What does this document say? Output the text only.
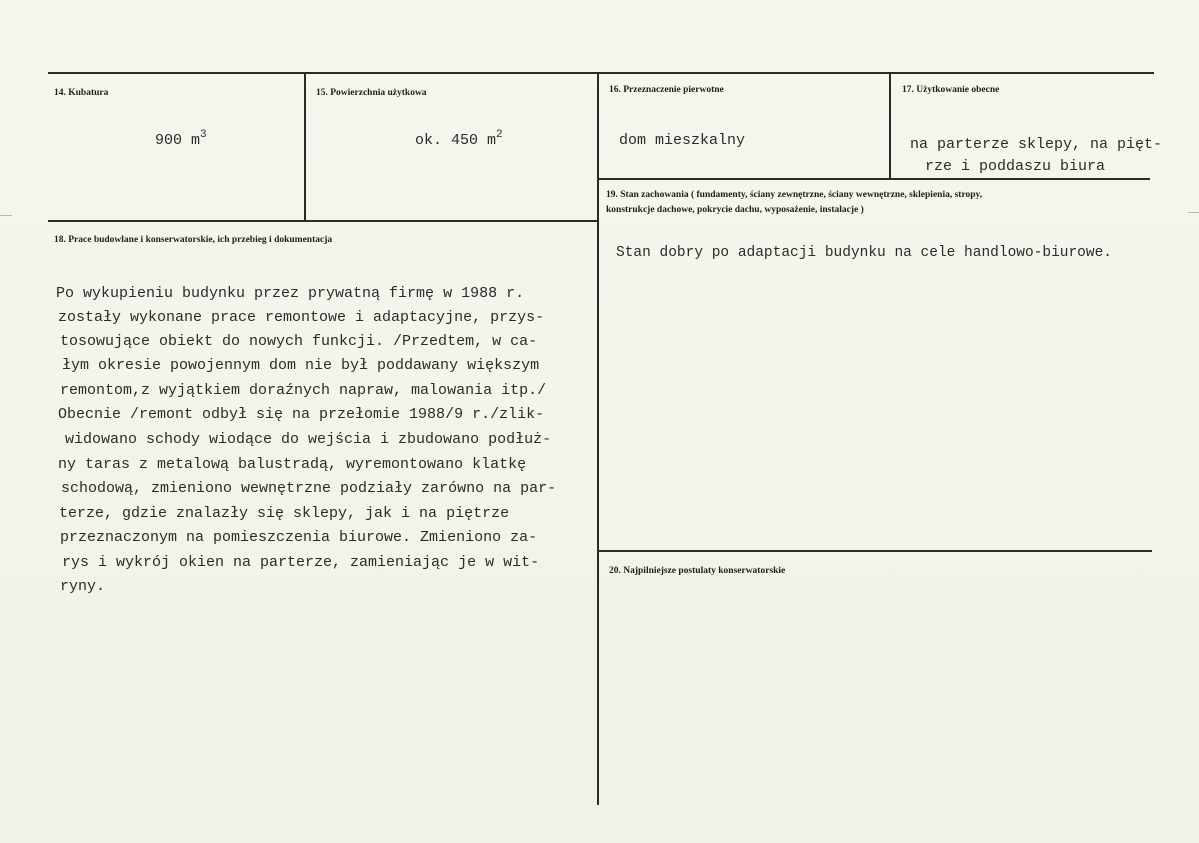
14. Kubatura
900 $m^3$
15. Powierzchnia użytkowa
ok. 450 $m^2$
16. Przeznaczenie pierwotne
dom mieszkalny
17. Użytkowanie obecne
na parterze sklepy, na pięt-
rze i poddaszu biura
18. Prace budowlane i konserwatorskie, ich przebieg i dokumentacja
Po wykupieniu budynku przez prywatną firmę w 1988 r.
zostały wykonane prace remontowe i adaptacyjne, przys-
tosowujące obiekt do nowych funkcji. /Przedtem, w ca-
łym okresie powojennym dom nie był poddawany większym
remontom,z wyjątkiem doraźnych napraw, malowania itp./
Obecnie /remont odbył się na przełomie 1988/9 r./zlik-
widowano schody wiodące do wejścia i zbudowano podłuż-
ny taras z metalową balustradą, wyremontowano klatkę
schodową, zmieniono wewnętrzne podziały zarówno na par-
terze, gdzie znalazły się sklepy, jak i na piętrze
przeznaczonym na pomieszczenia biurowe. Zmieniono za-
rys i wykrój okien na parterze, zamieniając je w wit-
ryny.
19. Stan zachowania ( fundamenty, ściany zewnętrzne, ściany wewnętrzne, sklepienia, stropy,
konstrukcje dachowe, pokrycie dachu, wyposażenie, instalacje )
Stan dobry po adaptacji budynku na cele handlowo-biurowe.
20. Najpilniejsze postulaty konserwatorskie
